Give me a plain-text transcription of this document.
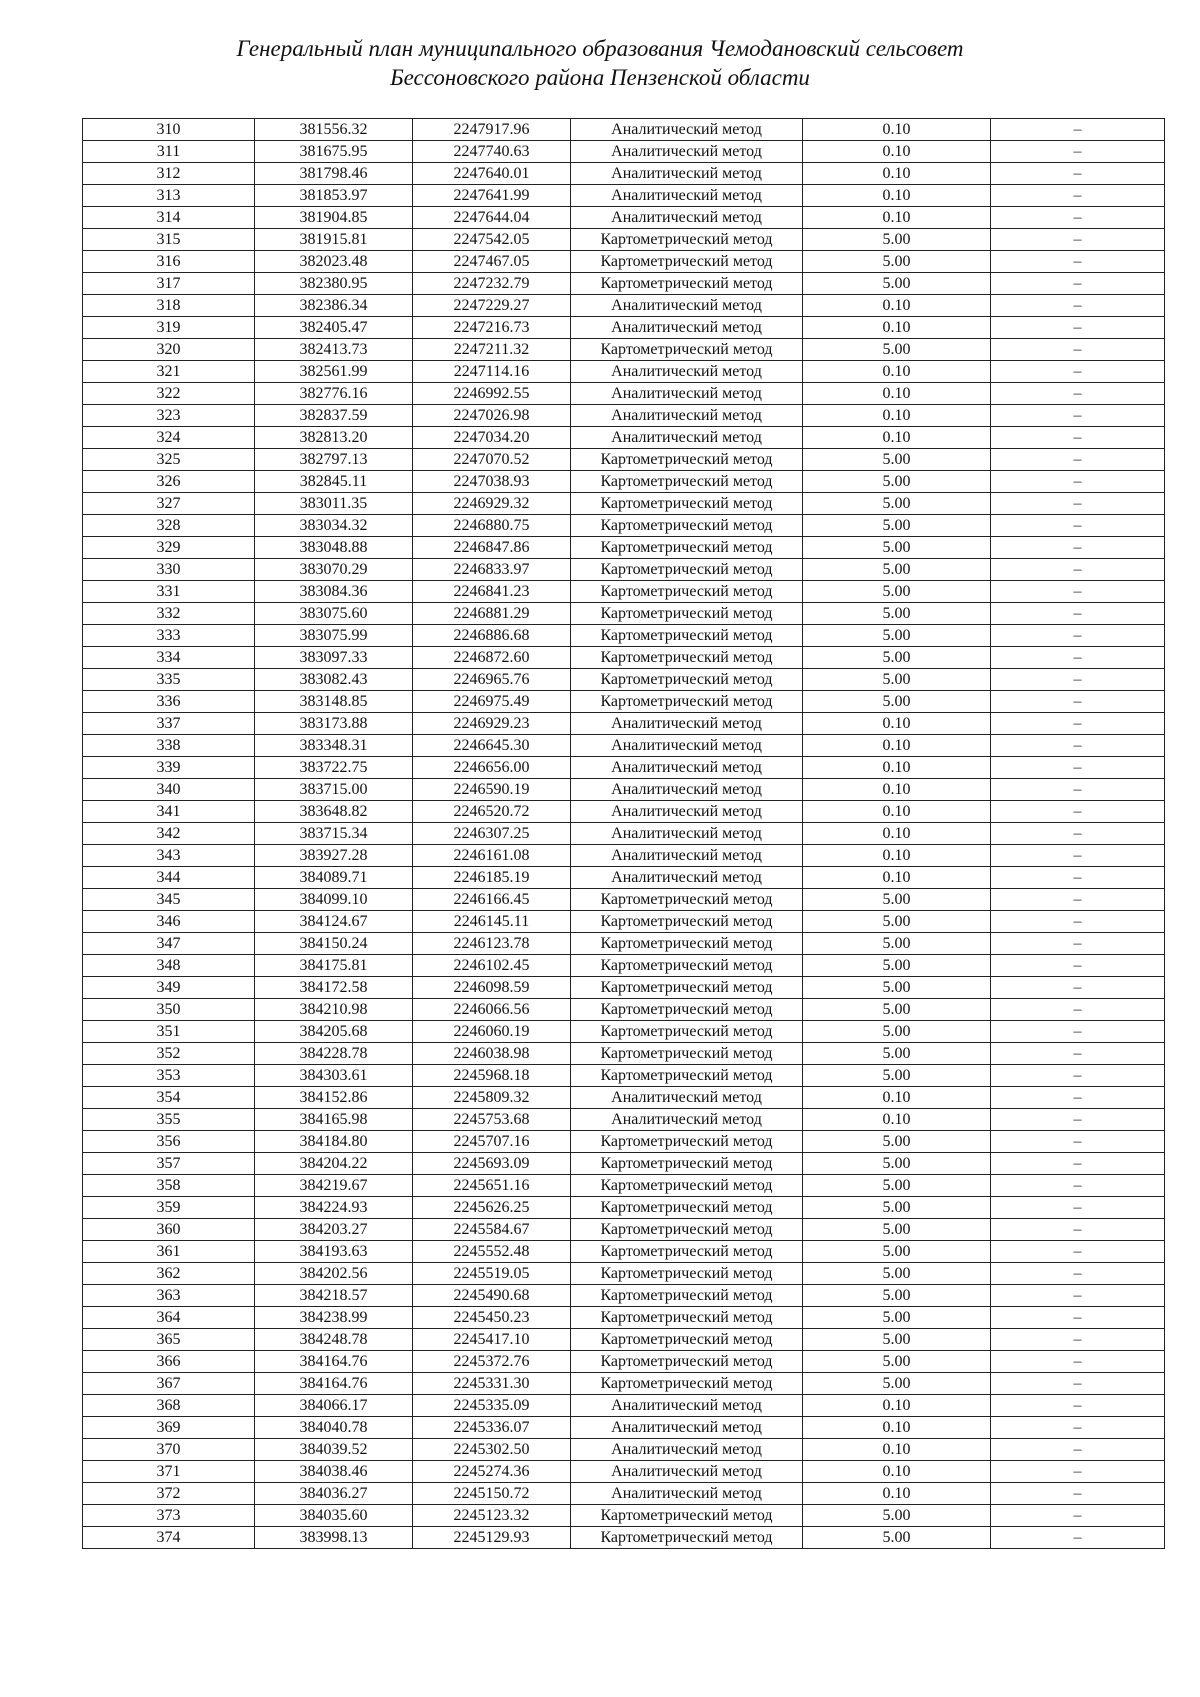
Генеральный план муниципального образования Чемодановский сельсовет
Бессоновского района Пензенской области
310	381556.32	2247917.96	Аналитический метод	0.10	–
311	381675.95	2247740.63	Аналитический метод	0.10	–
312	381798.46	2247640.01	Аналитический метод	0.10	–
313	381853.97	2247641.99	Аналитический метод	0.10	–
314	381904.85	2247644.04	Аналитический метод	0.10	–
315	381915.81	2247542.05	Картометрический метод	5.00	–
316	382023.48	2247467.05	Картометрический метод	5.00	–
317	382380.95	2247232.79	Картометрический метод	5.00	–
318	382386.34	2247229.27	Аналитический метод	0.10	–
319	382405.47	2247216.73	Аналитический метод	0.10	–
320	382413.73	2247211.32	Картометрический метод	5.00	–
321	382561.99	2247114.16	Аналитический метод	0.10	–
322	382776.16	2246992.55	Аналитический метод	0.10	–
323	382837.59	2247026.98	Аналитический метод	0.10	–
324	382813.20	2247034.20	Аналитический метод	0.10	–
325	382797.13	2247070.52	Картометрический метод	5.00	–
326	382845.11	2247038.93	Картометрический метод	5.00	–
327	383011.35	2246929.32	Картометрический метод	5.00	–
328	383034.32	2246880.75	Картометрический метод	5.00	–
329	383048.88	2246847.86	Картометрический метод	5.00	–
330	383070.29	2246833.97	Картометрический метод	5.00	–
331	383084.36	2246841.23	Картометрический метод	5.00	–
332	383075.60	2246881.29	Картометрический метод	5.00	–
333	383075.99	2246886.68	Картометрический метод	5.00	–
334	383097.33	2246872.60	Картометрический метод	5.00	–
335	383082.43	2246965.76	Картометрический метод	5.00	–
336	383148.85	2246975.49	Картометрический метод	5.00	–
337	383173.88	2246929.23	Аналитический метод	0.10	–
338	383348.31	2246645.30	Аналитический метод	0.10	–
339	383722.75	2246656.00	Аналитический метод	0.10	–
340	383715.00	2246590.19	Аналитический метод	0.10	–
341	383648.82	2246520.72	Аналитический метод	0.10	–
342	383715.34	2246307.25	Аналитический метод	0.10	–
343	383927.28	2246161.08	Аналитический метод	0.10	–
344	384089.71	2246185.19	Аналитический метод	0.10	–
345	384099.10	2246166.45	Картометрический метод	5.00	–
346	384124.67	2246145.11	Картометрический метод	5.00	–
347	384150.24	2246123.78	Картометрический метод	5.00	–
348	384175.81	2246102.45	Картометрический метод	5.00	–
349	384172.58	2246098.59	Картометрический метод	5.00	–
350	384210.98	2246066.56	Картометрический метод	5.00	–
351	384205.68	2246060.19	Картометрический метод	5.00	–
352	384228.78	2246038.98	Картометрический метод	5.00	–
353	384303.61	2245968.18	Картометрический метод	5.00	–
354	384152.86	2245809.32	Аналитический метод	0.10	–
355	384165.98	2245753.68	Аналитический метод	0.10	–
356	384184.80	2245707.16	Картометрический метод	5.00	–
357	384204.22	2245693.09	Картометрический метод	5.00	–
358	384219.67	2245651.16	Картометрический метод	5.00	–
359	384224.93	2245626.25	Картометрический метод	5.00	–
360	384203.27	2245584.67	Картометрический метод	5.00	–
361	384193.63	2245552.48	Картометрический метод	5.00	–
362	384202.56	2245519.05	Картометрический метод	5.00	–
363	384218.57	2245490.68	Картометрический метод	5.00	–
364	384238.99	2245450.23	Картометрический метод	5.00	–
365	384248.78	2245417.10	Картометрический метод	5.00	–
366	384164.76	2245372.76	Картометрический метод	5.00	–
367	384164.76	2245331.30	Картометрический метод	5.00	–
368	384066.17	2245335.09	Аналитический метод	0.10	–
369	384040.78	2245336.07	Аналитический метод	0.10	–
370	384039.52	2245302.50	Аналитический метод	0.10	–
371	384038.46	2245274.36	Аналитический метод	0.10	–
372	384036.27	2245150.72	Аналитический метод	0.10	–
373	384035.60	2245123.32	Картометрический метод	5.00	–
374	383998.13	2245129.93	Картометрический метод	5.00	–
